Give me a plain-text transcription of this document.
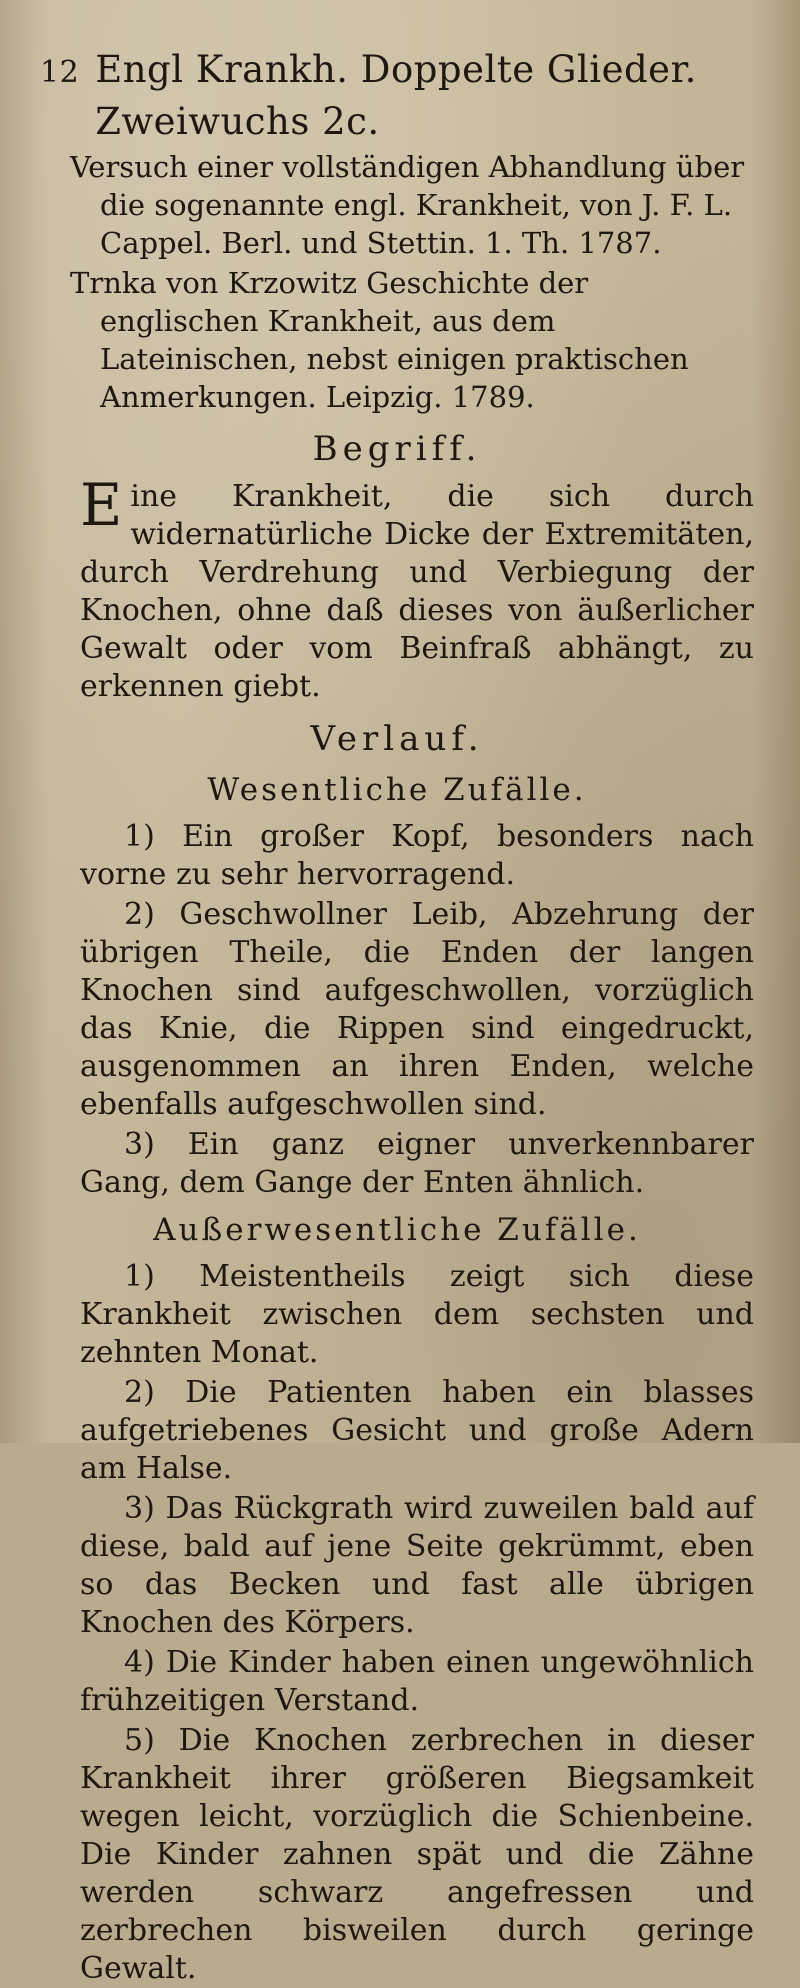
12 Engl Krankh. Doppelte Glieder. Zweiwuchs 2c.

Versuch einer vollständigen Abhandlung über die sogenannte engl. Krankheit, von J. F. L. Cappel. Berl. und Stettin. 1. Th. 1787.

Trnka von Krzowitz Geschichte der englischen Krankheit, aus dem Lateinischen, nebst einigen praktischen Anmerkungen. Leipzig. 1789.

Begriff.

Eine Krankheit, die sich durch widernatürliche Dicke der Extremitäten, durch Verdrehung und Verbiegung der Knochen, ohne daß dieses von äußerlicher Gewalt oder vom Beinfraß abhängt, zu erkennen giebt.

Verlauf.
Wesentliche Zufälle.

1) Ein großer Kopf, besonders nach vorne zu sehr hervorragend.

2) Geschwollner Leib, Abzehrung der übrigen Theile, die Enden der langen Knochen sind aufgeschwollen, vorzüglich das Knie, die Rippen sind eingedruckt, ausgenommen an ihren Enden, welche ebenfalls aufgeschwollen sind.

3) Ein ganz eigner unverkennbarer Gang, dem Gange der Enten ähnlich.

Außerwesentliche Zufälle.

1) Meistentheils zeigt sich diese Krankheit zwischen dem sechsten und zehnten Monat.

2) Die Patienten haben ein blasses aufgetriebenes Gesicht und große Adern am Halse.

3) Das Rückgrath wird zuweilen bald auf diese, bald auf jene Seite gekrümmt, eben so das Becken und fast alle übrigen Knochen des Körpers.

4) Die Kinder haben einen ungewöhnlich frühzeitigen Verstand.

5) Die Knochen zerbrechen in dieser Krankheit ihrer größeren Biegsamkeit wegen leicht, vorzüglich die Schienbeine. Die Kinder zahnen spät und die Zähne werden schwarz angefressen und zerbrechen bisweilen durch geringe Gewalt.
